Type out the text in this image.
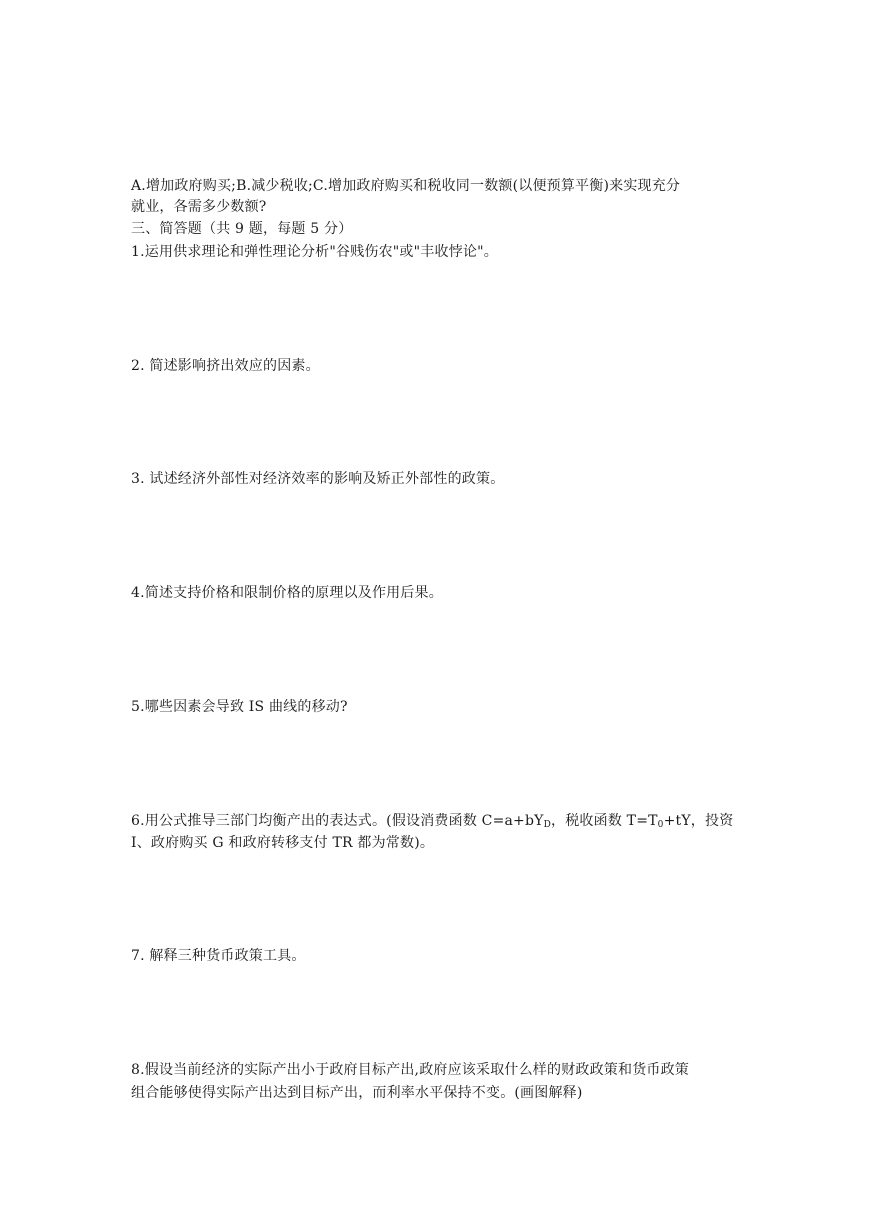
A.增加政府购买;B.减少税收;C.增加政府购买和税收同一数额(以便预算平衡)来实现充分
就业，各需多少数额?
三、简答题（共 9 题，每题 5 分）
1.运用供求理论和弹性理论分析"谷贱伤农"或"丰收悖论"。
2. 简述影响挤出效应的因素。
3. 试述经济外部性对经济效率的影响及矫正外部性的政策。
4.简述支持价格和限制价格的原理以及作用后果。
5.哪些因素会导致 IS 曲线的移动?
6.用公式推导三部门均衡产出的表达式。(假设消费函数 $C=a+bY_D$，税收函数 $T=T_0+tY$，投资
I、政府购买 G 和政府转移支付 TR 都为常数)。
7. 解释三种货币政策工具。
8.假设当前经济的实际产出小于政府目标产出,政府应该采取什么样的财政政策和货币政策
组合能够使得实际产出达到目标产出，而利率水平保持不变。(画图解释)
